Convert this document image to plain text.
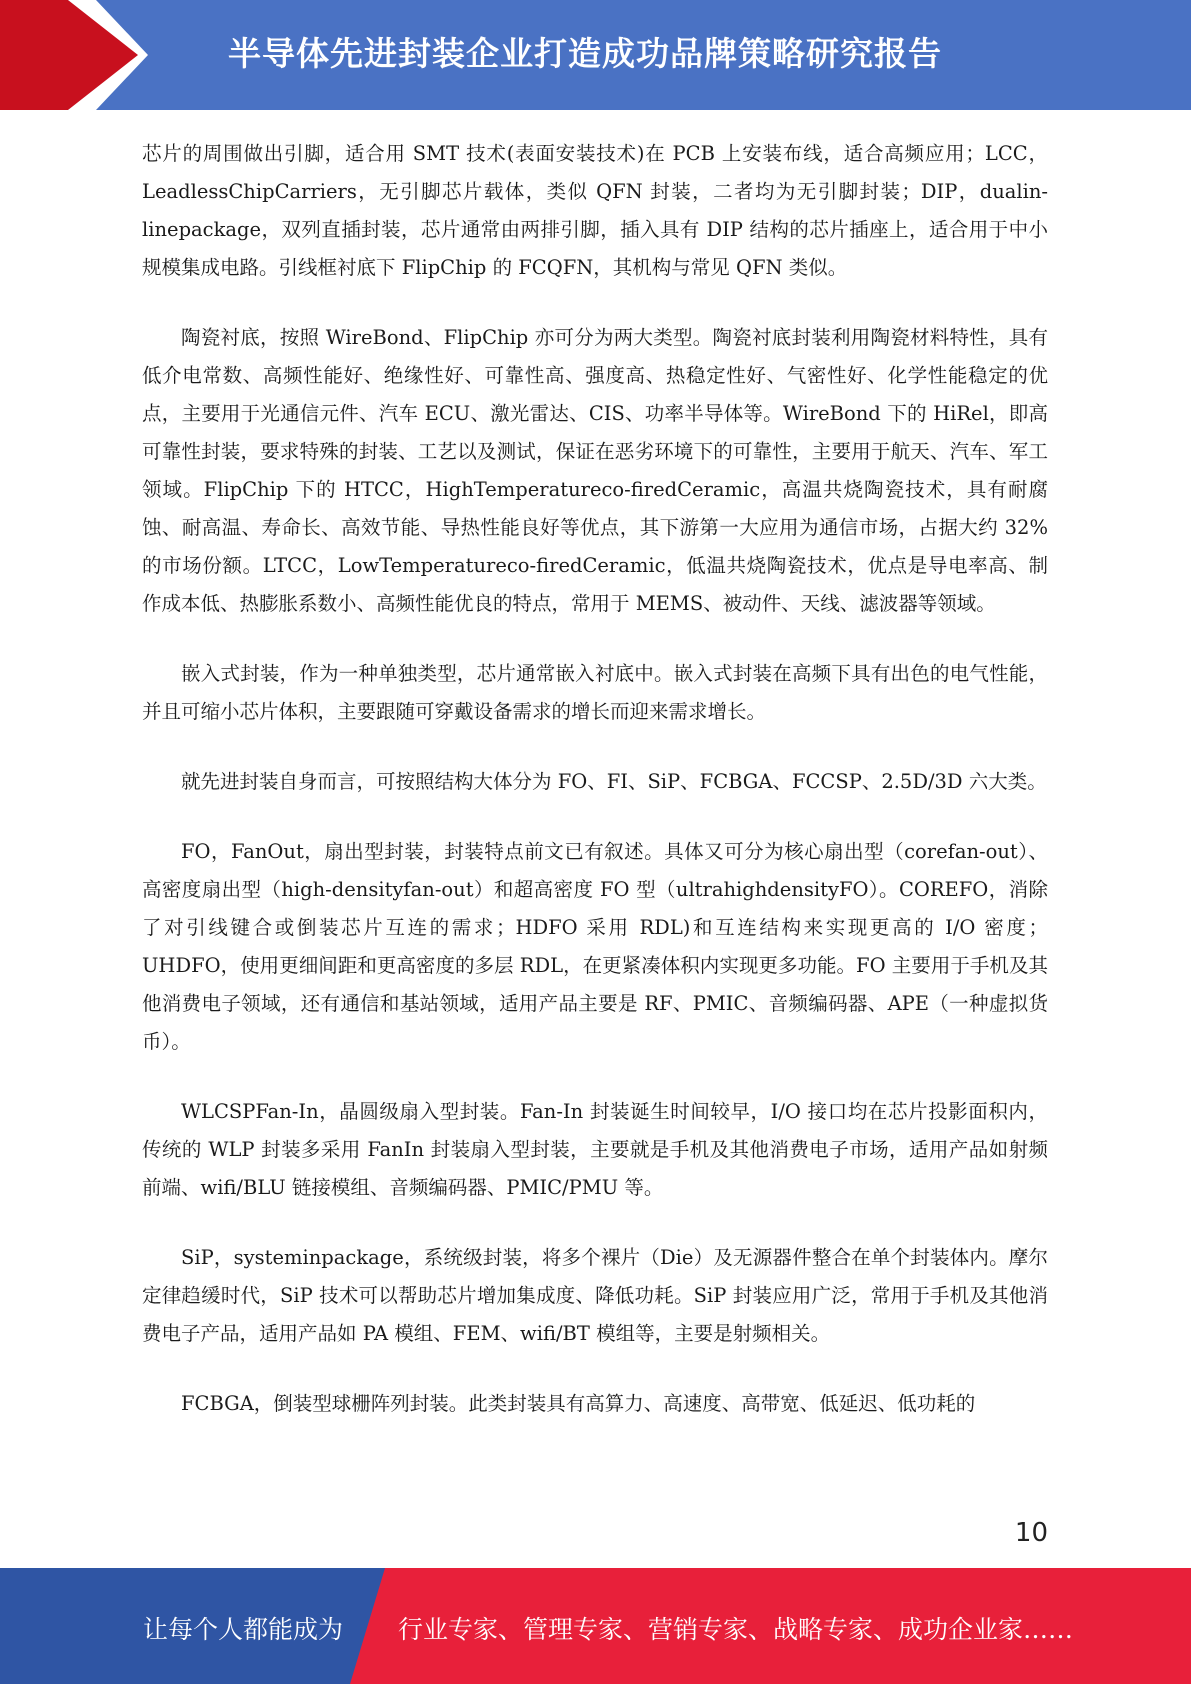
半导体先进封装企业打造成功品牌策略研究报告

芯片的周围做出引脚，适合用 SMT 技术(表面安装技术)在 PCB 上安装布线，适合高频应用；LCC，LeadlessChipCarriers，无引脚芯片载体，类似 QFN 封装，二者均为无引脚封装；DIP，dualin-linepackage，双列直插封装，芯片通常由两排引脚，插入具有 DIP 结构的芯片插座上，适合用于中小规模集成电路。引线框衬底下 FlipChip 的 FCQFN，其机构与常见 QFN 类似。

陶瓷衬底，按照 WireBond、FlipChip 亦可分为两大类型。陶瓷衬底封装利用陶瓷材料特性，具有低介电常数、高频性能好、绝缘性好、可靠性高、强度高、热稳定性好、气密性好、化学性能稳定的优点，主要用于光通信元件、汽车 ECU、激光雷达、CIS、功率半导体等。WireBond 下的 HiRel，即高可靠性封装，要求特殊的封装、工艺以及测试，保证在恶劣环境下的可靠性，主要用于航天、汽车、军工领域。FlipChip 下的 HTCC，HighTemperatureco-firedCeramic，高温共烧陶瓷技术，具有耐腐蚀、耐高温、寿命长、高效节能、导热性能良好等优点，其下游第一大应用为通信市场，占据大约 32%的市场份额。LTCC，LowTemperatureco-firedCeramic，低温共烧陶瓷技术，优点是导电率高、制作成本低、热膨胀系数小、高频性能优良的特点，常用于 MEMS、被动件、天线、滤波器等领域。

嵌入式封装，作为一种单独类型，芯片通常嵌入衬底中。嵌入式封装在高频下具有出色的电气性能，并且可缩小芯片体积，主要跟随可穿戴设备需求的增长而迎来需求增长。

就先进封装自身而言，可按照结构大体分为 FO、FI、SiP、FCBGA、FCCSP、2.5D/3D 六大类。

FO，FanOut，扇出型封装，封装特点前文已有叙述。具体又可分为核心扇出型（corefan-out）、高密度扇出型（high-densityfan-out）和超高密度 FO 型（ultrahighdensityFO）。COREFO，消除了对引线键合或倒装芯片互连的需求；HDFO 采用 RDL)和互连结构来实现更高的 I/O 密度；UHDFO，使用更细间距和更高密度的多层 RDL，在更紧凑体积内实现更多功能。FO 主要用于手机及其他消费电子领域，还有通信和基站领域，适用产品主要是 RF、PMIC、音频编码器、APE（一种虚拟货币）。

WLCSPFan-In，晶圆级扇入型封装。Fan-In 封装诞生时间较早，I/O 接口均在芯片投影面积内，传统的 WLP 封装多采用 FanIn 封装扇入型封装，主要就是手机及其他消费电子市场，适用产品如射频前端、wifi/BLU 链接模组、音频编码器、PMIC/PMU 等。

SiP，systeminpackage，系统级封装，将多个裸片（Die）及无源器件整合在单个封装体内。摩尔定律趋缓时代，SiP 技术可以帮助芯片增加集成度、降低功耗。SiP 封装应用广泛，常用于手机及其他消费电子产品，适用产品如 PA 模组、FEM、wifi/BT 模组等，主要是射频相关。

FCBGA，倒装型球栅阵列封装。此类封装具有高算力、高速度、高带宽、低延迟、低功耗的

10
让每个人都能成为 行业专家、管理专家、营销专家、战略专家、成功企业家……
